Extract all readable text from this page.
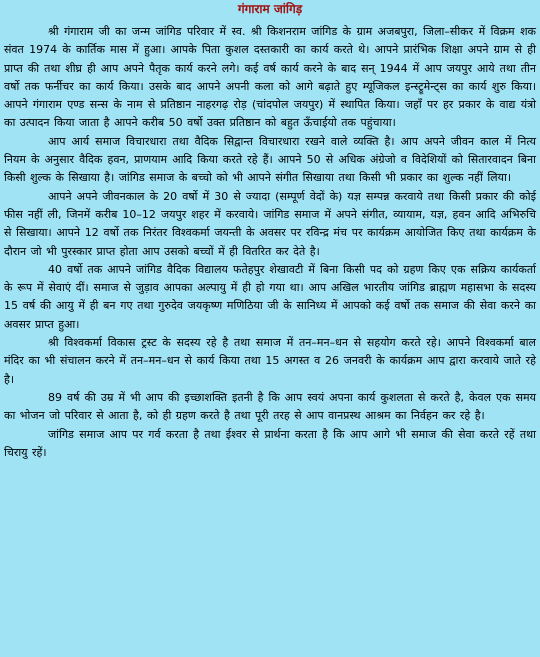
गंगाराम जांगिड़

श्री गंगाराम जी का जन्म जांगिड परिवार में स्व. श्री किशनराम जांगिड के ग्राम अजबपुरा, जिला–सीकर में विक्रम शक संवत 1974 के कार्तिक मास में हुआ। आपके पिता कुशल दस्तकारी का कार्य करते थे। आपने प्रारंभिक शिक्षा अपने ग्राम से ही प्राप्त की तथा शीघ्र ही आप अपने पैतृक कार्य करने लगे। कई वर्ष कार्य करने के बाद सन् 1944 में आप जयपुर आये तथा तीन वर्षो तक फर्नीचर का कार्य किया। उसके बाद आपने अपनी कला को आगे बढ़ाते हुए म्यूजिकल इन्स्ट्रूमेन्ट्स का कार्य शुरु किया। आपने गंगाराम एण्ड सन्स के नाम से प्रतिष्ठान नाहरगढ़ रोड़ (चांदपोल जयपुर) में स्थापित किया। जहाँ पर हर प्रकार के वाद्य यंत्रो का उत्पादन किया जाता है आपने करीब 50 वर्षो उक्त प्रतिष्ठान को बहुत ऊँचाईयो तक पहुंचाया।

आप आर्य समाज विचारधारा तथा वैदिक सिद्वान्त विचारधारा रखने वाले व्यक्ति है। आप अपने जीवन काल में नित्य नियम के अनुसार वैदिक हवन, प्राणयाम आदि किया करते रहे हैं। आपने 50 से अधिक अंग्रेजो व विदेशियों को सितारवादन बिना किसी शुल्क के सिखाया है। जांगिड समाज के बच्चो को भी आपने संगीत सिखाया तथा किसी भी प्रकार का शुल्क नहीं लिया।

आपने अपने जीवनकाल के 20 वर्षो में 30 से ज्यादा (सम्पूर्ण वेदों के) यज्ञ सम्पन्न करवाये तथा किसी प्रकार की कोई फीस नहीं ली, जिनमें करीब 10–12 जयपुर शहर में करवाये। जांगिड समाज में अपने संगीत, व्यायाम, यज्ञ, हवन आदि अभिरुचि से सिखाया। आपने 12 वर्षो तक निरंतर विश्वकर्मा जयन्ती के अवसर पर रविन्द्र मंच पर कार्यक्रम आयोजित किए तथा कार्यक्रम के दौरान जो भी पुरस्कार प्राप्त होता आप उसको बच्चों में ही वितरित कर देते है।

40 वर्षो तक आपने जांगिड वैदिक विद्यालय फतेहपुर शेखावटी में बिना किसी पद को ग्रहण किए एक सक्रिय कार्यकर्ता के रूप में सेवाएं दीं। समाज से जुड़ाव आपका अल्पायु में ही हो गया था। आप अखिल भारतीय जांगिड ब्राह्मण महासभा के सदस्य 15 वर्ष की आयु में ही बन गए तथा गुरुदेव जयकृष्ण मणिठिया जी के सानिध्य में आपको कई वर्षो तक समाज की सेवा करने का अवसर प्राप्त हुआ।

श्री विश्वकर्मा विकास ट्रस्ट के सदस्य रहे है तथा समाज में तन–मन–धन से सहयोग करते रहे। आपने विश्वकर्मा बाल मंदिर का भी संचालन करने में तन–मन–धन से कार्य किया तथा 15 अगस्त व 26 जनवरी के कार्यक्रम आप द्वारा करवाये जाते रहे है।

89 वर्ष की उम्र में भी आप की इच्छाशक्ति इतनी है कि आप स्वयं अपना कार्य कुशलता से करते है, केवल एक समय का भोजन जो परिवार से आता है, को ही ग्रहण करते है तथा पूरी तरह से आप वानप्रस्थ आश्रम का निर्वहन कर रहे है।

जांगिड समाज आप पर गर्व करता है तथा ईश्वर से प्रार्थना करता है कि आप आगे भी समाज की सेवा करते रहें तथा चिरायु रहें।
